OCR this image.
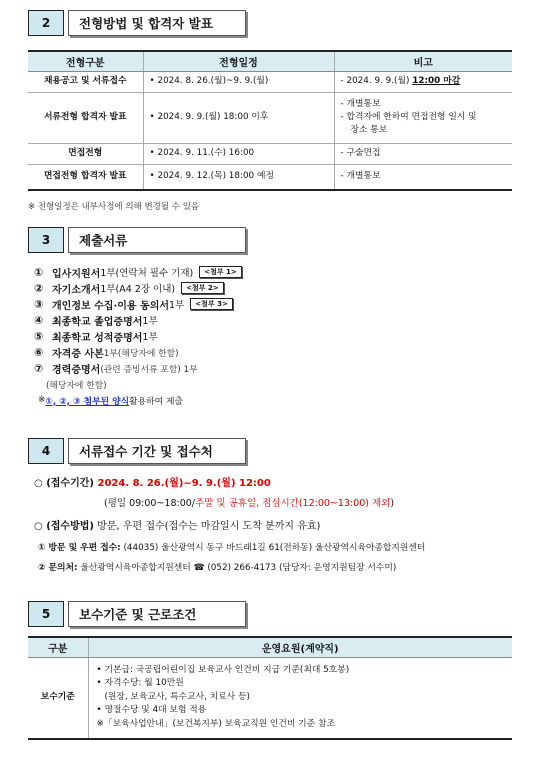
2	전형방법 및 합격자 발표
전형구분	전형일정	비고
채용공고 및 서류접수	• 2024. 8. 26.(월)~9. 9.(월)	- 2024. 9. 9.(월) 12:00 마감
서류전형 합격자 발표	• 2024. 9. 9.(월) 18:00 이후	- 개별통보
- 합격자에 한하여 면접전형 일시 및
장소 통보

면접전형	• 2024. 9. 11.(수) 16:00	- 구술면접
면접전형 합격자 발표	• 2024. 9. 12.(목) 18:00 예정	- 개별통보
※ 전형일정은 내부사정에 의해 변경될 수 있음
3	제출서류
① 입사지원서 1부(연락처 필수 기재)	<첨부 1>
② 자기소개서 1부(A4 2장 이내)	<첨부 2>
③ 개인정보 수집·이용 동의서 1부	<첨부 3>
④ 최종학교 졸업증명서 1부
⑤ 최종학교 성적증명서 1부
⑥ 자격증 사본 1부(해당자에 한함)
⑦ 경력증명서 (관련 증빙서류 포함) 1부
(해당자에 한함)
※ ①, ②, ③ 첨부된 양식 활용하여 제출
4	서류접수 기간 및 접수처
○ (접수기간) 2024. 8. 26.(월)~9. 9.(월) 12:00
(평일 09:00~18:00/주말 및 공휴일, 점심시간(12:00~13:00) 제외)
○ (접수방법) 방문, 우편 접수(접수는 마감일시 도착 분까지 유효)
① 방문 및 우편 접수: (44035) 울산광역시 동구 바드래1길 61(전하동) 울산광역시육아종합지원센터
② 문의처: 울산광역시육아종합지원센터 ☎ (052) 266-4173 (담당자: 운영지원팀장 서수미)
5	보수기준 및 근로조건
구분	운영요원(계약직)
보수기준	• 기본급: 국공립어린이집 보육교사 인건비 지급 기준(최대 5호봉)
• 자격수당: 월 10만원
(원장, 보육교사, 특수교사, 치료사 등)
• 명절수당 및 4대 보험 적용
※「보육사업안내」(보건복지부) 보육교직원 인건비 기준 참조
